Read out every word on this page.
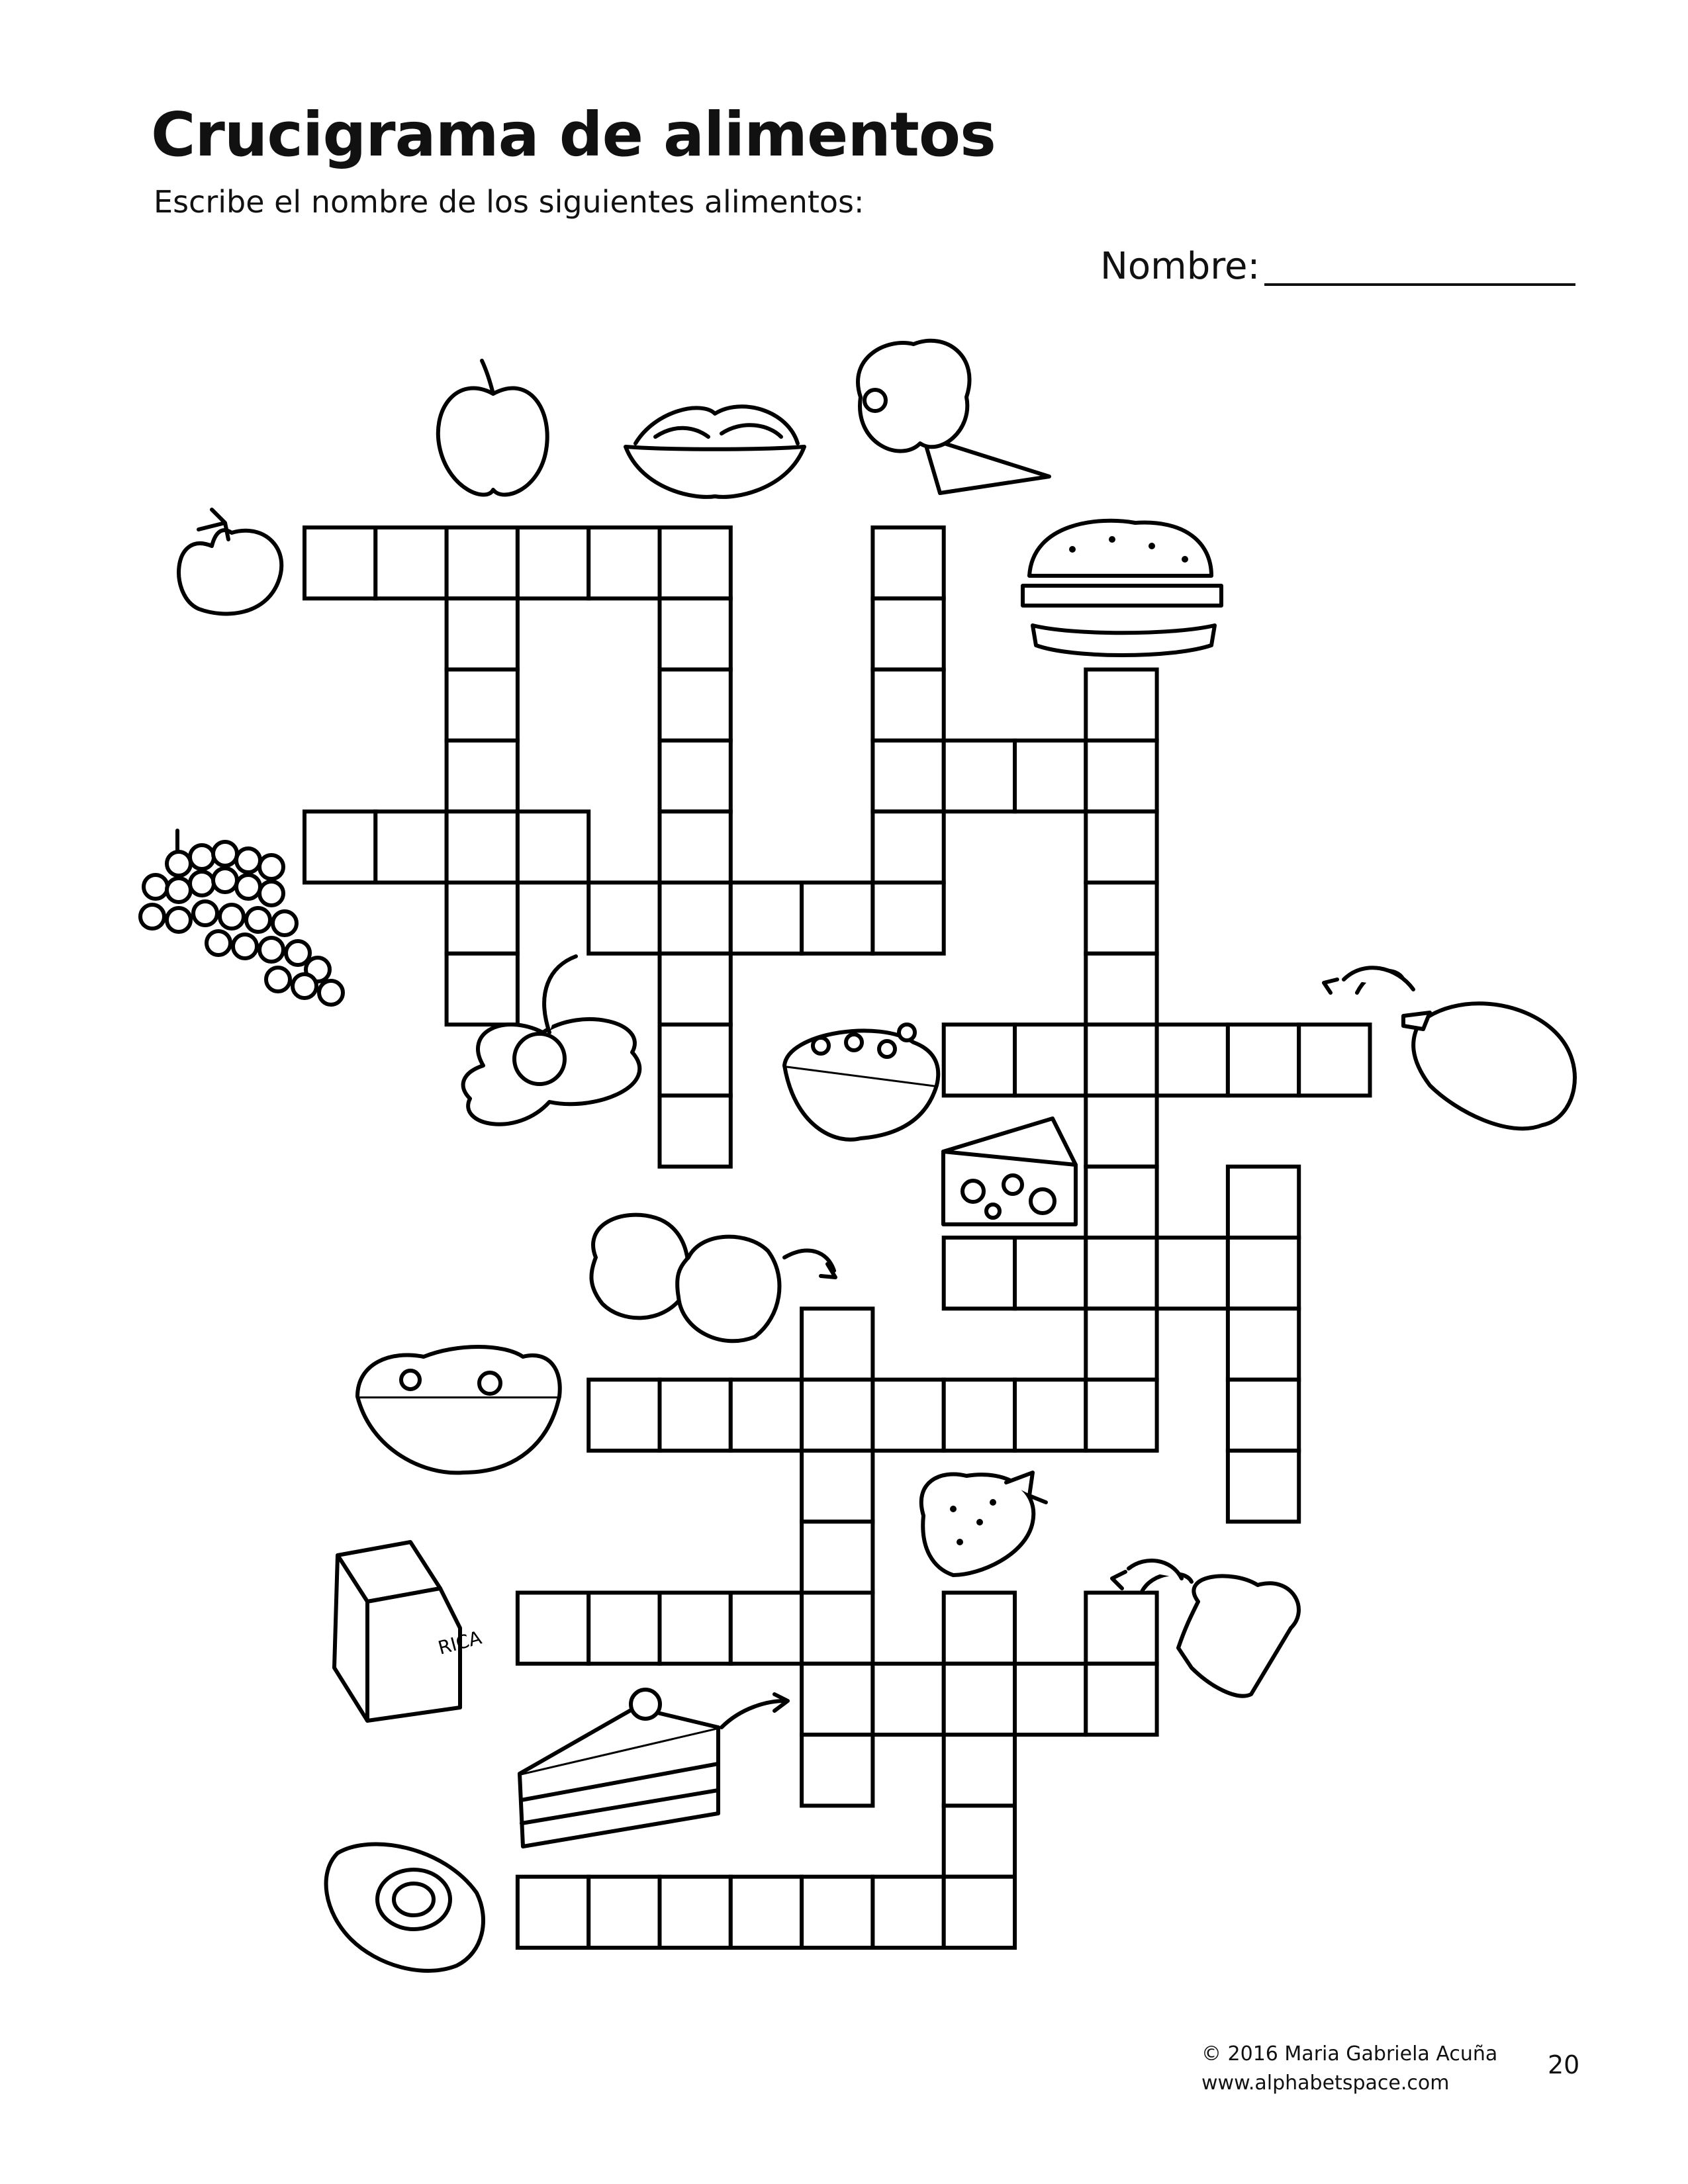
Crucigrama de alimentos
Escribe el nombre de los siguientes alimentos:
Nombre:
RICA
© 2016 Maria Gabriela Acuña
www.alphabetspace.com
20
